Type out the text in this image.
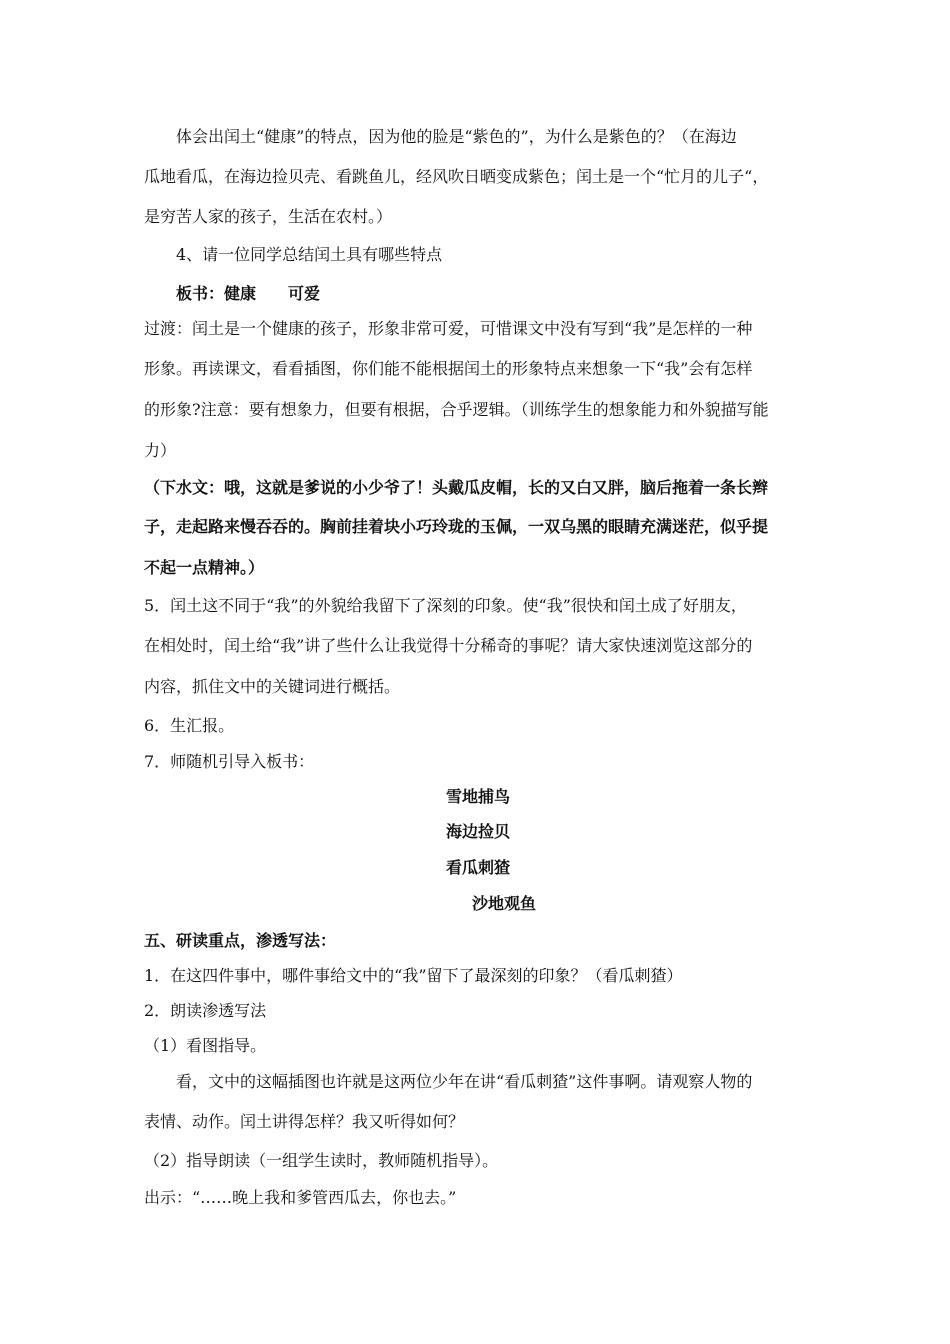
体会出闰土“健康”的特点，因为他的脸是“紫色的”，为什么是紫色的？（在海边
瓜地看瓜，在海边捡贝壳、看跳鱼儿，经风吹日晒变成紫色；闰土是一个“忙月的儿子“，
是穷苦人家的孩子，生活在农村。）
4、请一位同学总结闰土具有哪些特点
板书：健康　　可爱
过渡：闰土是一个健康的孩子，形象非常可爱，可惜课文中没有写到“我”是怎样的一种
形象。再读课文，看看插图，你们能不能根据闰土的形象特点来想象一下“我”会有怎样
的形象?注意：要有想象力，但要有根据，合乎逻辑。（训练学生的想象能力和外貌描写能
力）
（下水文：哦，这就是爹说的小少爷了！头戴瓜皮帽，长的又白又胖，脑后拖着一条长辫
子，走起路来慢吞吞的。胸前挂着块小巧玲珑的玉佩，一双乌黑的眼睛充满迷茫，似乎提
不起一点精神。）
5．闰土这不同于“我”的外貌给我留下了深刻的印象。使“我”很快和闰土成了好朋友，
在相处时，闰土给“我”讲了些什么让我觉得十分稀奇的事呢？请大家快速浏览这部分的
内容，抓住文中的关键词进行概括。
6．生汇报。
7．师随机引导入板书：
雪地捕鸟
海边捡贝
看瓜刺猹
沙地观鱼
五、研读重点，渗透写法：
1．在这四件事中，哪件事给文中的“我”留下了最深刻的印象？（看瓜刺猹）
2．朗读渗透写法
（1）看图指导。
看，文中的这幅插图也许就是这两位少年在讲“看瓜刺猹”这件事啊。请观察人物的
表情、动作。闰土讲得怎样？我又听得如何？
（2）指导朗读（一组学生读时，教师随机指导）。
出示：“……晚上我和爹管西瓜去，你也去。”
